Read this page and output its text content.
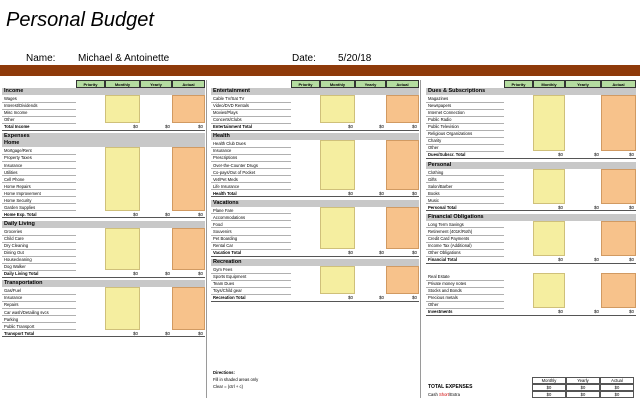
Personal Budget
Name: Michael & Antoinette	Date: 5/20/18
Priority	Monthly	Yearly	Actual	Priority	Monthly	Yearly	Actual	Priority	Monthly	Yearly	Actual
Income
Wages
Interest/Dividends
Misc Income
Other
Total Income	$0	$0	$0
Expenses
Home
Mortgage/Rent
Property Taxes
Insurance
Utilities
Cell Phone
Home Repairs
Home Improvement
Home Security
Garden Supplies
Home Exp. Total	$0	$0	$0
Daily Living
Groceries
Child Care
Dry Cleaning
Dining Out
Housecleaning
Dog Walker
Daily Living Total	$0	$0	$0
Transportation
Gas/Fuel
Insurance
Repairs
Car wash/Detailing svcs
Parking
Public Transport
Transport Total	$0	$0	$0
Entertainment
Cable TV/Sat TV
Video/DVD Rentals
Movies/Plays
Concerts/Clubs
Entertainment Total	$0	$0	$0
Health
Health Club Dues
Insurance
Prescriptions
Over-the-Counter Drugs
Co-pays/Out of Pocket
Vet/Pet Meds
Life Insurance
Health Total	$0	$0	$0
Vacations
Plane Fare
Accommodations
Food
Souvenirs
Pet Boarding
Rental Car
Vacation Total	$0	$0	$0
Recreation
Gym Fees
Sports Equipment
Team Dues
Toys/Child gear
Recreation Total	$0	$0	$0
Dues & Subscriptions
Magazines
Newspapers
Internet Connection
Public Radio
Public Television
Religious Organizations
Charity
Other
Dues/Subscr. Total	$0	$0	$0
Personal
Clothing
Gifts
Salon/Barber
Books
Music
Personal Total	$0	$0	$0
Financial Obligations
Long Term Savings
Retirement (401K/Roth)
Credit Card Payments
Income Tax (Additional)
Other Obligations
Financial Total	$0	$0	$0
Real Estate
Private money notes
Stocks and Bonds
Precious metals
Other
Investments	$0	$0	$0
Directions:
Fill in shaded areas only
Clear = (ctrl + c)
Monthly	Yearly	Actual
TOTAL EXPENSES	$0	$0	$0
Cash Short/Extra	$0	$0	$0
